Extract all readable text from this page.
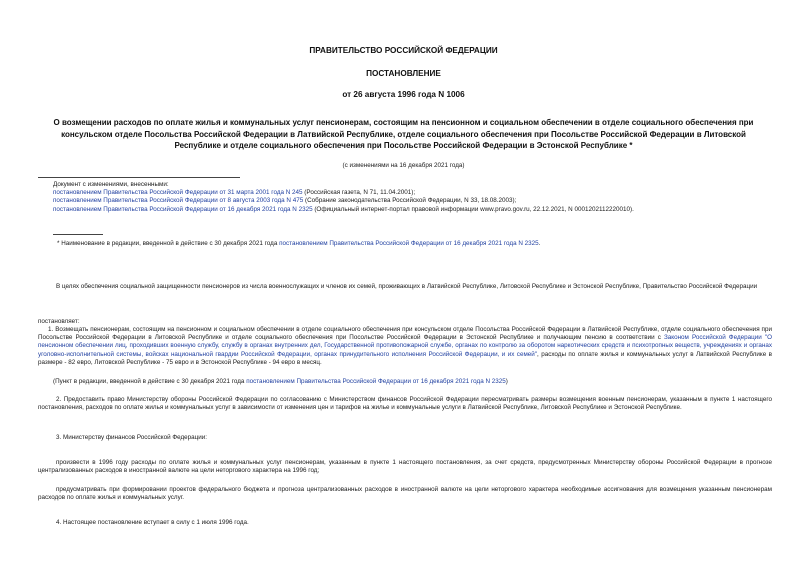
ПРАВИТЕЛЬСТВО РОССИЙСКОЙ ФЕДЕРАЦИИ
ПОСТАНОВЛЕНИЕ
от 26 августа 1996 года N 1006
О возмещении расходов по оплате жилья и коммунальных услуг пенсионерам, состоящим на пенсионном и социальном обеспечении в отделе социального обеспечения при консульском отделе Посольства Российской Федерации в Латвийской Республике, отделе социального обеспечения при Посольстве Российской Федерации в Литовской Республике и отделе социального обеспечения при Посольстве Российской Федерации в Эстонской Республике *
(с изменениями на 16 декабря 2021 года)
Документ с изменениями, внесенными:
постановлением Правительства Российской Федерации от 31 марта 2001 года N 245 (Российская газета, N 71, 11.04.2001);
постановлением Правительства Российской Федерации от 8 августа 2003 года N 475 (Собрание законодательства Российской Федерации, N 33, 18.08.2003);
постановлением Правительства Российской Федерации от 16 декабря 2021 года N 2325 (Официальный интернет-портал правовой информации www.pravo.gov.ru, 22.12.2021, N 0001202112220010).
* Наименование в редакции, введенной в действие с 30 декабря 2021 года постановлением Правительства Российской Федерации от 16 декабря 2021 года N 2325.
В целях обеспечения социальной защищенности пенсионеров из числа военнослужащих и членов их семей, проживающих в Латвийской Республике, Литовской Республике и Эстонской Республике, Правительство Российской Федерации
постановляет:
1. Возмещать пенсионерам, состоящим на пенсионном и социальном обеспечении в отделе социального обеспечения при консульском отделе Посольства Российской Федерации в Латвийской Республике, отделе социального обеспечения при Посольстве Российской Федерации в Литовской Республике и отделе социального обеспечения при Посольстве Российской Федерации в Эстонской Республике и получающим пенсию в соответствии с Законом Российской Федерации "О пенсионном обеспечении лиц, проходивших военную службу, службу в органах внутренних дел, Государственной противопожарной службе, органах по контролю за оборотом наркотических средств и психотропных веществ, учреждениях и органах уголовно-исполнительной системы, войсках национальной гвардии Российской Федерации, органах принудительного исполнения Российской Федерации, и их семей", расходы по оплате жилья и коммунальных услуг в Латвийской Республике в размере - 82 евро, Литовской Республике - 75 евро и в Эстонской Республике - 94 евро в месяц.
(Пункт в редакции, введенной в действие с 30 декабря 2021 года постановлением Правительства Российской Федерации от 16 декабря 2021 года N 2325)
2. Предоставить право Министерству обороны Российской Федерации по согласованию с Министерством финансов Российской Федерации пересматривать размеры возмещения военным пенсионерам, указанным в пункте 1 настоящего постановления, расходов по оплате жилья и коммунальных услуг в зависимости от изменения цен и тарифов на жилье и коммунальные услуги в Латвийской Республике, Литовской Республике и Эстонской Республике.
3. Министерству финансов Российской Федерации:
произвести в 1996 году расходы по оплате жилья и коммунальных услуг пенсионерам, указанным в пункте 1 настоящего постановления, за счет средств, предусмотренных Министерству обороны Российской Федерации в прогнозе централизованных расходов в иностранной валюте на цели неторгового характера на 1996 год;
предусматривать при формировании проектов федерального бюджета и прогноза централизованных расходов в иностранной валюте на цели неторгового характера необходимые ассигнования для возмещения указанным пенсионерам расходов по оплате жилья и коммунальных услуг.
4. Настоящее постановление вступает в силу с 1 июля 1996 года.
